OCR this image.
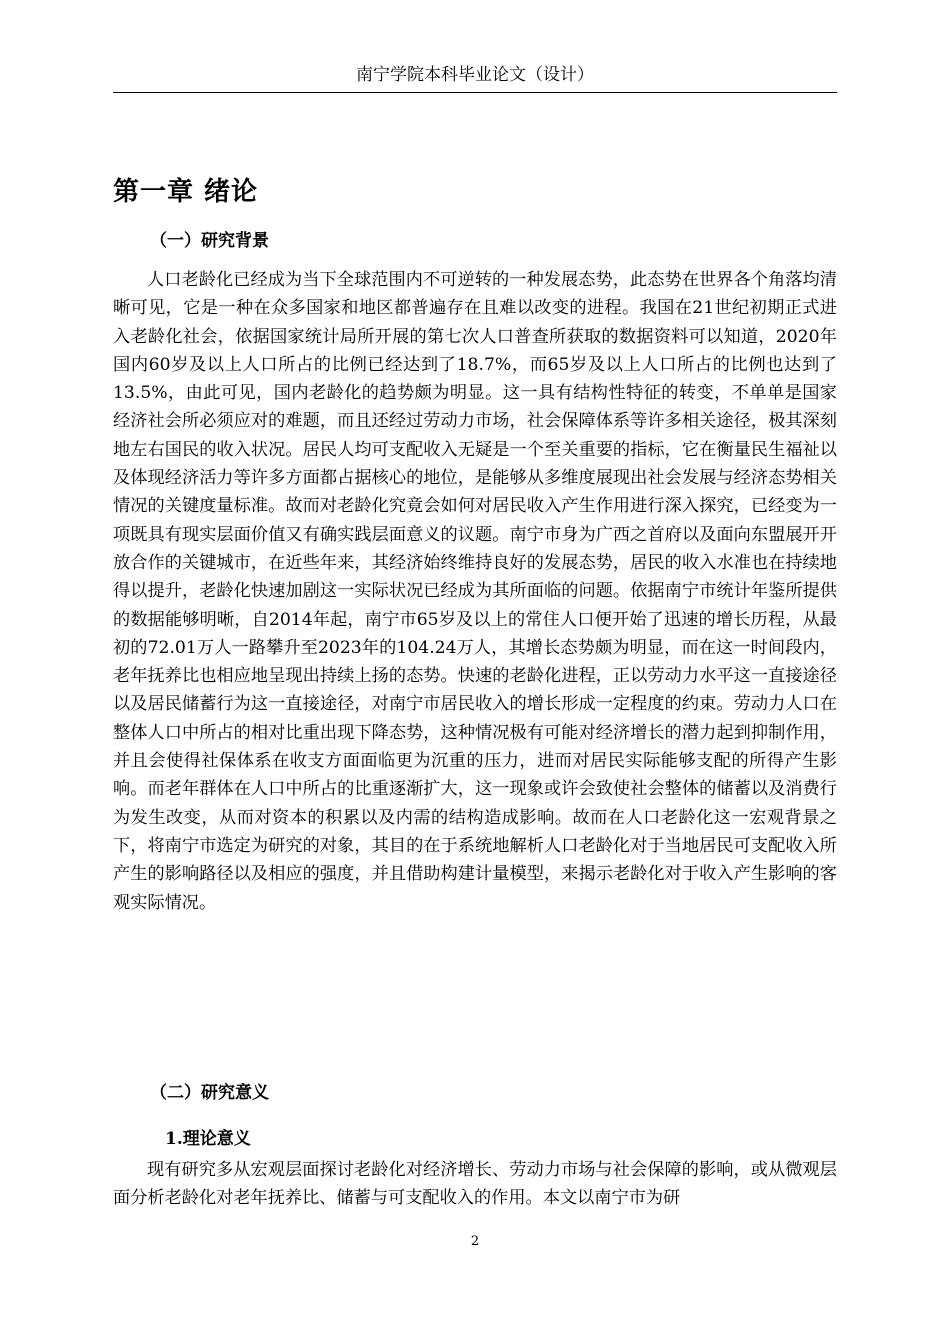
南宁学院本科毕业论文（设计）
第一章 绪论
（一）研究背景

人口老龄化已经成为当下全球范围内不可逆转的一种发展态势，此态势在世界各个角落均清晰可见，它是一种在众多国家和地区都普遍存在且难以改变的进程。我国在21世纪初期正式进入老龄化社会，依据国家统计局所开展的第七次人口普查所获取的数据资料可以知道，2020年国内60岁及以上人口所占的比例已经达到了18.7%，而65岁及以上人口所占的比例也达到了13.5%，由此可见，国内老龄化的趋势颇为明显。这一具有结构性特征的转变，不单单是国家经济社会所必须应对的难题，而且还经过劳动力市场，社会保障体系等许多相关途径，极其深刻地左右国民的收入状况。居民人均可支配收入无疑是一个至关重要的指标，它在衡量民生福祉以及体现经济活力等许多方面都占据核心的地位，是能够从多维度展现出社会发展与经济态势相关情况的关键度量标准。故而对老龄化究竟会如何对居民收入产生作用进行深入探究，已经变为一项既具有现实层面价值又有确实践层面意义的议题。南宁市身为广西之首府以及面向东盟展开开放合作的关键城市，在近些年来，其经济始终维持良好的发展态势，居民的收入水准也在持续地得以提升，老龄化快速加剧这一实际状况已经成为其所面临的问题。依据南宁市统计年鉴所提供的数据能够明晰，自2014年起，南宁市65岁及以上的常住人口便开始了迅速的增长历程，从最初的72.01万人一路攀升至2023年的104.24万人，其增长态势颇为明显，而在这一时间段内，老年抚养比也相应地呈现出持续上扬的态势。快速的老龄化进程，正以劳动力水平这一直接途径以及居民储蓄行为这一直接途径，对南宁市居民收入的增长形成一定程度的约束。劳动力人口在整体人口中所占的相对比重出现下降态势，这种情况极有可能对经济增长的潜力起到抑制作用，并且会使得社保体系在收支方面面临更为沉重的压力，进而对居民实际能够支配的所得产生影响。而老年群体在人口中所占的比重逐渐扩大，这一现象或许会致使社会整体的储蓄以及消费行为发生改变，从而对资本的积累以及内需的结构造成影响。故而在人口老龄化这一宏观背景之下，将南宁市选定为研究的对象，其目的在于系统地解析人口老龄化对于当地居民可支配收入所产生的影响路径以及相应的强度，并且借助构建计量模型，来揭示老龄化对于收入产生影响的客观实际情况。

（二）研究意义
1.理论意义

现有研究多从宏观层面探讨老龄化对经济增长、劳动力市场与社会保障的影响，或从微观层面分析老龄化对老年抚养比、储蓄与可支配收入的作用。本文以南宁市为研

2
